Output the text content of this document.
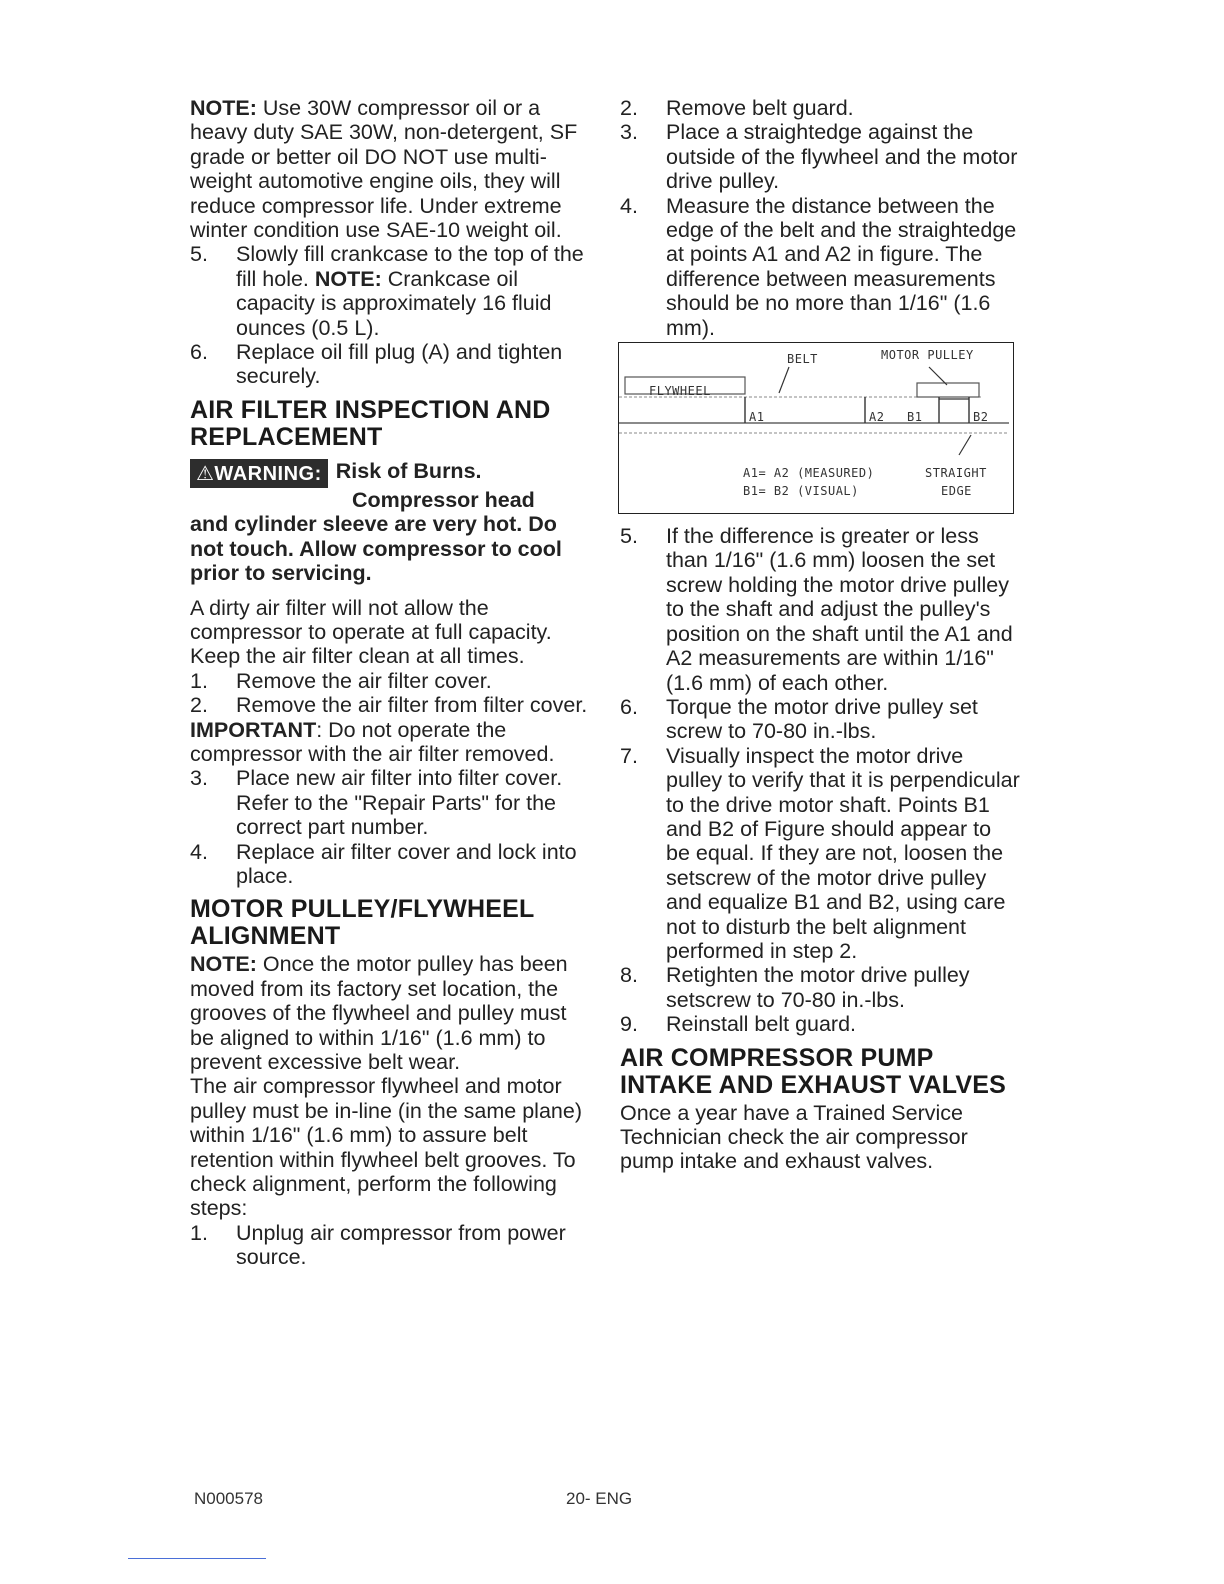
NOTE: Use 30W compressor oil or a heavy duty SAE 30W, non-detergent, SF grade or better oil DO NOT use multi-weight automotive engine oils, they will reduce compressor life. Under extreme winter condition use SAE-10 weight oil.

5.	Slowly fill crankcase to the top of the fill hole. NOTE: Crankcase oil capacity is approximately 16 fluid ounces (0.5 L).
6.	Replace oil fill plug (A) and tighten securely.
AIR FILTER INSPECTION AND REPLACEMENT
⚠WARNING: Risk of Burns.
Compressor head
and cylinder sleeve are very hot. Do not touch. Allow compressor to cool prior to servicing.

A dirty air filter will not allow the compressor to operate at full capacity. Keep the air filter clean at all times.

1.	Remove the air filter cover.
2.	Remove the air filter from filter cover.

IMPORTANT: Do not operate the compressor with the air filter removed.

3.	Place new air filter into filter cover. Refer to the "Repair Parts" for the correct part number.
4.	Replace air filter cover and lock into place.
MOTOR PULLEY/FLYWHEEL ALIGNMENT

NOTE: Once the motor pulley has been moved from its factory set location, the grooves of the flywheel and pulley must be aligned to within 1/16" (1.6 mm) to prevent excessive belt wear.

The air compressor flywheel and motor pulley must be in-line (in the same plane) within 1/16" (1.6 mm) to assure belt retention within flywheel belt grooves. To check alignment, perform the following steps:

1.	Unplug air compressor from power source.
2.	Remove belt guard.
3.	Place a straightedge against the outside of the flywheel and the motor drive pulley.
4.	Measure the distance between the edge of the belt and the straightedge at points A1 and A2 in figure. The difference between measurements should be no more than 1/16" (1.6 mm).
BELT	MOTOR PULLEY
FLYWHEEL
A1	A2 B1	B2
A1= A2 (MEASURED)
B1= B2 (VISUAL)
STRAIGHT
EDGE
5.	If the difference is greater or less than 1/16" (1.6 mm) loosen the set screw holding the motor drive pulley to the shaft and adjust the pulley's position on the shaft until the A1 and A2 measurements are within 1/16" (1.6 mm) of each other.
6.	Torque the motor drive pulley set screw to 70-80 in.-lbs.
7.	Visually inspect the motor drive pulley to verify that it is perpendicular to the drive motor shaft. Points B1 and B2 of Figure should appear to be equal. If they are not, loosen the setscrew of the motor drive pulley and equalize B1 and B2, using care not to disturb the belt alignment performed in step 2.
8.	Retighten the motor drive pulley setscrew to 70-80 in.-lbs.
9.	Reinstall belt guard.
AIR COMPRESSOR PUMP INTAKE AND EXHAUST VALVES

Once a year have a Trained Service Technician check the air compressor pump intake and exhaust valves.

N000578	20- ENG
